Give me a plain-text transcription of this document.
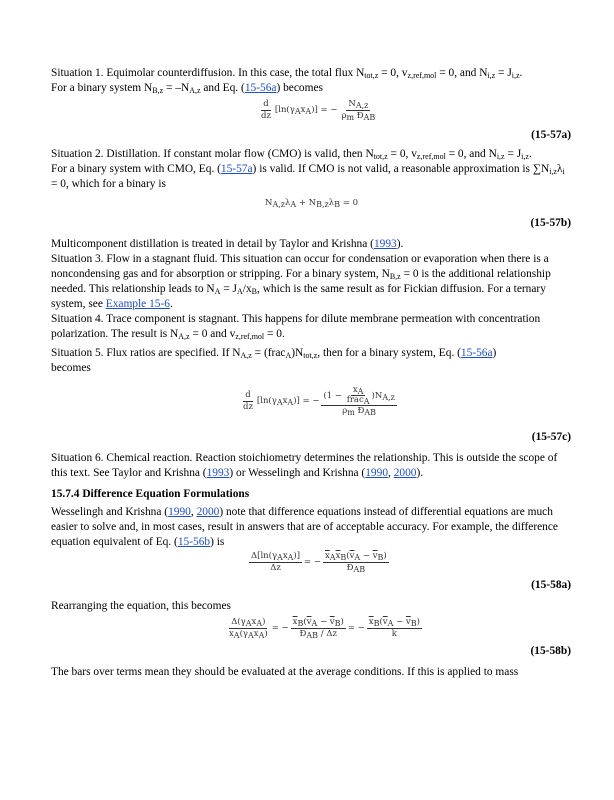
Situation 1. Equimolar counterdiffusion. In this case, the total flux $N_{tot,z} = 0$, $v_{z,ref,mol} = 0$, and $N_{i,z} = J_{i,z}$.
For a binary system $N_{B,z} = -N_{A,z}$ and Eq. (15-56a) becomes

$\frac{d}{dz} [\ln(\gamma_Ax_A)]$ = − $\frac{N_{A,z}}{\rho_m Đ_{AB}}$

(15-57a)

Situation 2. Distillation. If constant molar flow (CMO) is valid, then $N_{tot,z} = 0$, $v_{z,ref,mol} = 0$, and $N_{i,z} = J_{i,z}$.
For a binary system with CMO, Eq. (15-57a) is valid. If CMO is not valid, a reasonable approximation is $\sum N_{i,z}\lambda_i = 0$, which for a binary is

$N_{A,z}\lambda_A + N_{B,z}\lambda_B = 0$

(15-57b)

Multicomponent distillation is treated in detail by Taylor and Krishna (1993).

Situation 3. Flow in a stagnant fluid. This situation can occur for condensation or evaporation when there is a noncondensing gas and for absorption or stripping. For a binary system, $N_{B,z} = 0$ is the additional relationship needed. This relationship leads to $N_A = J_A/x_B$, which is the same result as for Fickian diffusion. For a ternary system, see Example 15-6.

Situation 4. Trace component is stagnant. This happens for dilute membrane permeation with concentration polarization. The result is $N_{A,z} = 0$ and $v_{z,ref,mol} = 0$.

Situation 5. Flux ratios are specified. If $N_{A,z}$ = $(frac_A)N_{tot,z}$, then for a binary system, Eq. (15-56a)
becomes

$\frac{d}{dz} [\ln(\gamma_Ax_A)]$ = − $\frac{(1 - \frac{x_A}{frac_A} )N_{A,z}}{\rho_m Đ_{AB}}$

(15-57c)

Situation 6. Chemical reaction. Reaction stoichiometry determines the relationship. This is outside the scope of this text. See Taylor and Krishna (1993) or Wesselingh and Krishna (1990, 2000).

15.7.4 Difference Equation Formulations

Wesselingh and Krishna (1990, 2000) note that difference equations instead of differential equations are much easier to solve and, in most cases, result in answers that are of acceptable accuracy. For example, the difference equation equivalent of Eq. (15-56b) is

$\frac{\Delta[\ln(\gamma_Ax_A)]}{\Delta z}$ = − $\frac{\overline{x}_A\overline{x}_B(\overline{v}_A - \overline{v}_B)}{Đ_{AB}}$

(15-58a)

Rearranging the equation, this becomes

$\frac{\Delta(\gamma_Ax_A)}{\overline{x}_A(\overline{\gamma}_A\overline{x}_A)}$ = − $\frac{\overline{x}_B(\overline{v}_A - \overline{v}_B)}{Đ_{AB} / \Delta z}$ = − $\frac{\overline{x}_B(\overline{v}_A - \overline{v}_B)}{k}$

(15-58b)

The bars over terms mean they should be evaluated at the average conditions. If this is applied to mass
